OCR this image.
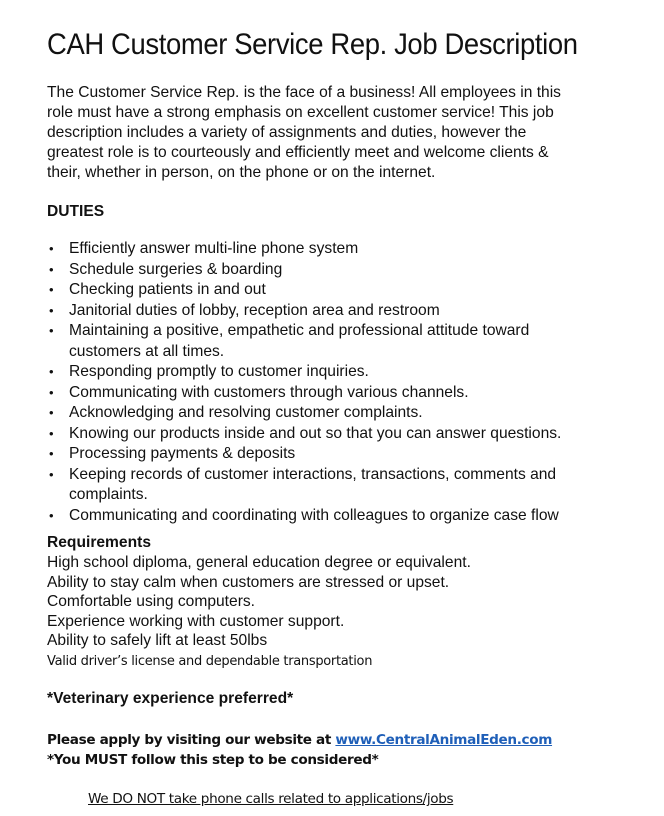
CAH Customer Service Rep. Job Description
The Customer Service Rep. is the face of a business! All employees in this
role must have a strong emphasis on excellent customer service! This job
description includes a variety of assignments and duties, however the
greatest role is to courteously and efficiently meet and welcome clients &
their, whether in person, on the phone or on the internet.
DUTIES
• Efficiently answer multi-line phone system
• Schedule surgeries & boarding
• Checking patients in and out
• Janitorial duties of lobby, reception area and restroom
• Maintaining a positive, empathetic and professional attitude toward customers at all times.
• Responding promptly to customer inquiries.
• Communicating with customers through various channels.
• Acknowledging and resolving customer complaints.
• Knowing our products inside and out so that you can answer questions.
• Processing payments & deposits
• Keeping records of customer interactions, transactions, comments and complaints.
• Communicating and coordinating with colleagues to organize case flow
Requirements
High school diploma, general education degree or equivalent.
Ability to stay calm when customers are stressed or upset.
Comfortable using computers.
Experience working with customer support.
Ability to safely lift at least 50lbs
Valid driver’s license and dependable transportation
*Veterinary experience preferred*
Please apply by visiting our website at www.CentralAnimalEden.com
*You MUST follow this step to be considered*
We DO NOT take phone calls related to applications/jobs
